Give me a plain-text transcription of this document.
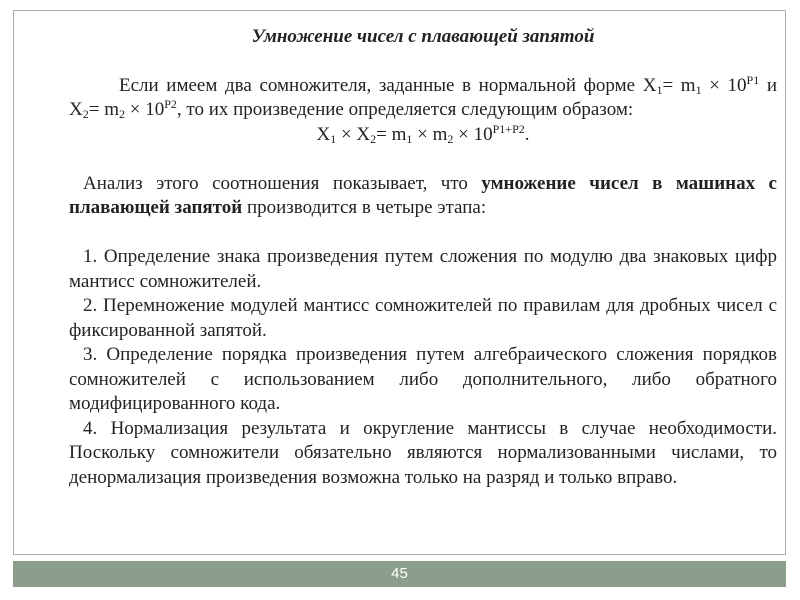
Умножение чисел с плавающей запятой

Если имеем два сомножителя, заданные в нормальной форме $X_1= m_1 \times 10^{P1}$ и $X_2= m_2 \times 10^{P2}$, то их произведение определяется следующим образом:

$X_1 \times X_2= m_1 \times m_2 \times 10^{P1+P2}$.

Анализ этого соотношения показывает, что умножение чисел в машинах с плавающей запятой производится в четыре этапа:

1. Определение знака произведения путем сложения по модулю два знаковых цифр мантисс сомножителей.

2. Перемножение модулей мантисс сомножителей по правилам для дробных чисел с фиксированной запятой.

3. Определение порядка произведения путем алгебраического сложения порядков сомножителей с использованием либо дополнительного, либо обратного модифицированного кода.

4. Нормализация результата и округление мантиссы в случае необходимости. Поскольку сомножители обязательно являются нормализованными числами, то денормализация произведения возможна только на разряд и только вправо.

45
